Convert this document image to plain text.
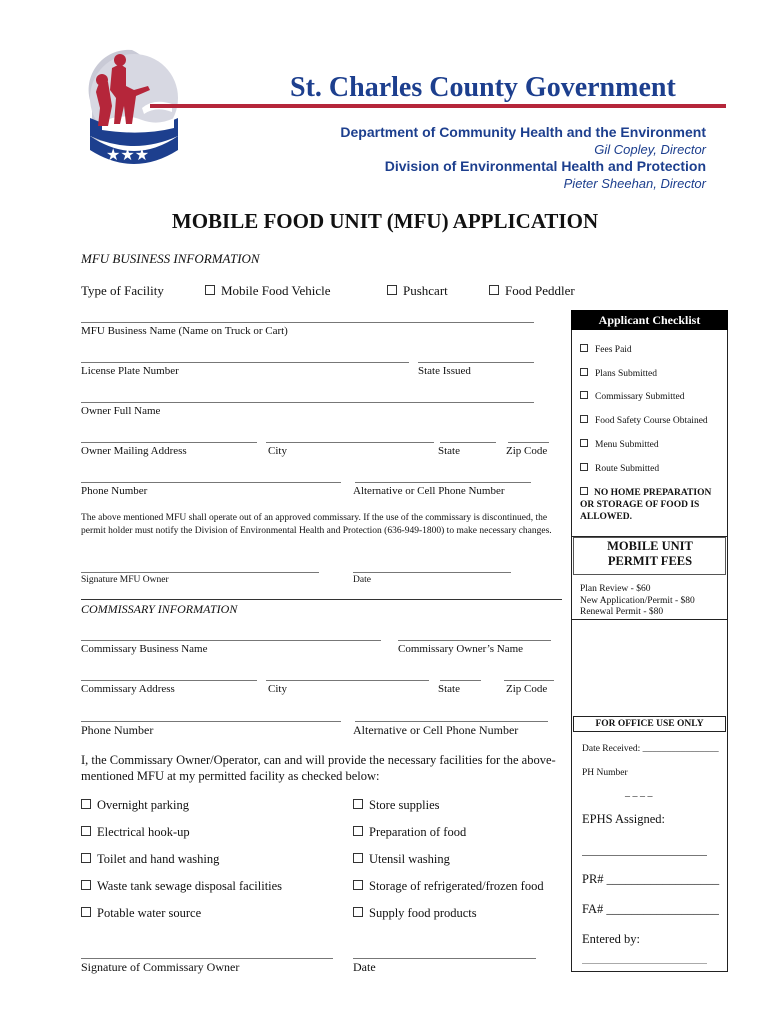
★★★
St. Charles County Government
Department of Community Health and the Environment
Gil Copley, Director
Division of Environmental Health and Protection
Pieter Sheehan, Director
MOBILE FOOD UNIT (MFU) APPLICATION
MFU BUSINESS INFORMATION
Type of Facility	Mobile Food Vehicle	Pushcart	Food Peddler
MFU Business Name (Name on Truck or Cart)
License Plate Number	State Issued
Owner Full Name
Owner Mailing Address	City	State	Zip Code
Phone Number	Alternative or Cell Phone Number
The above mentioned MFU shall operate out of an approved commissary. If the use of the commissary is discontinued, the permit holder must notify the Division of Environmental Health and Protection (636-949-1800) to make necessary changes.
Signature MFU Owner	Date
COMMISSARY INFORMATION
Commissary Business Name	Commissary Owner’s Name
Commissary Address	City	State	Zip Code
Phone Number	Alternative or Cell Phone Number
I, the Commissary Owner/Operator, can and will provide the necessary facilities for the above-mentioned MFU at my permitted facility as checked below:
Overnight parking
Electrical hook-up
Toilet and hand washing
Waste tank sewage disposal facilities
Potable water source
Store supplies
Preparation of food
Utensil washing
Storage of refrigerated/frozen food
Supply food products
Signature of Commissary Owner	Date
Applicant Checklist
Fees Paid
Plans Submitted
Commissary Submitted
Food Safety Course Obtained
Menu Submitted
Route Submitted
NO HOME PREPARATION OR STORAGE OF FOOD IS ALLOWED.
MOBILE UNIT PERMIT FEES
Plan Review - $60
New Application/Permit - $80
Renewal Permit - $80
FOR OFFICE USE ONLY
Date Received: ________________
PH Number
_ _ _ _
EPHS Assigned:
PR# __________________
FA# __________________
Entered by:
